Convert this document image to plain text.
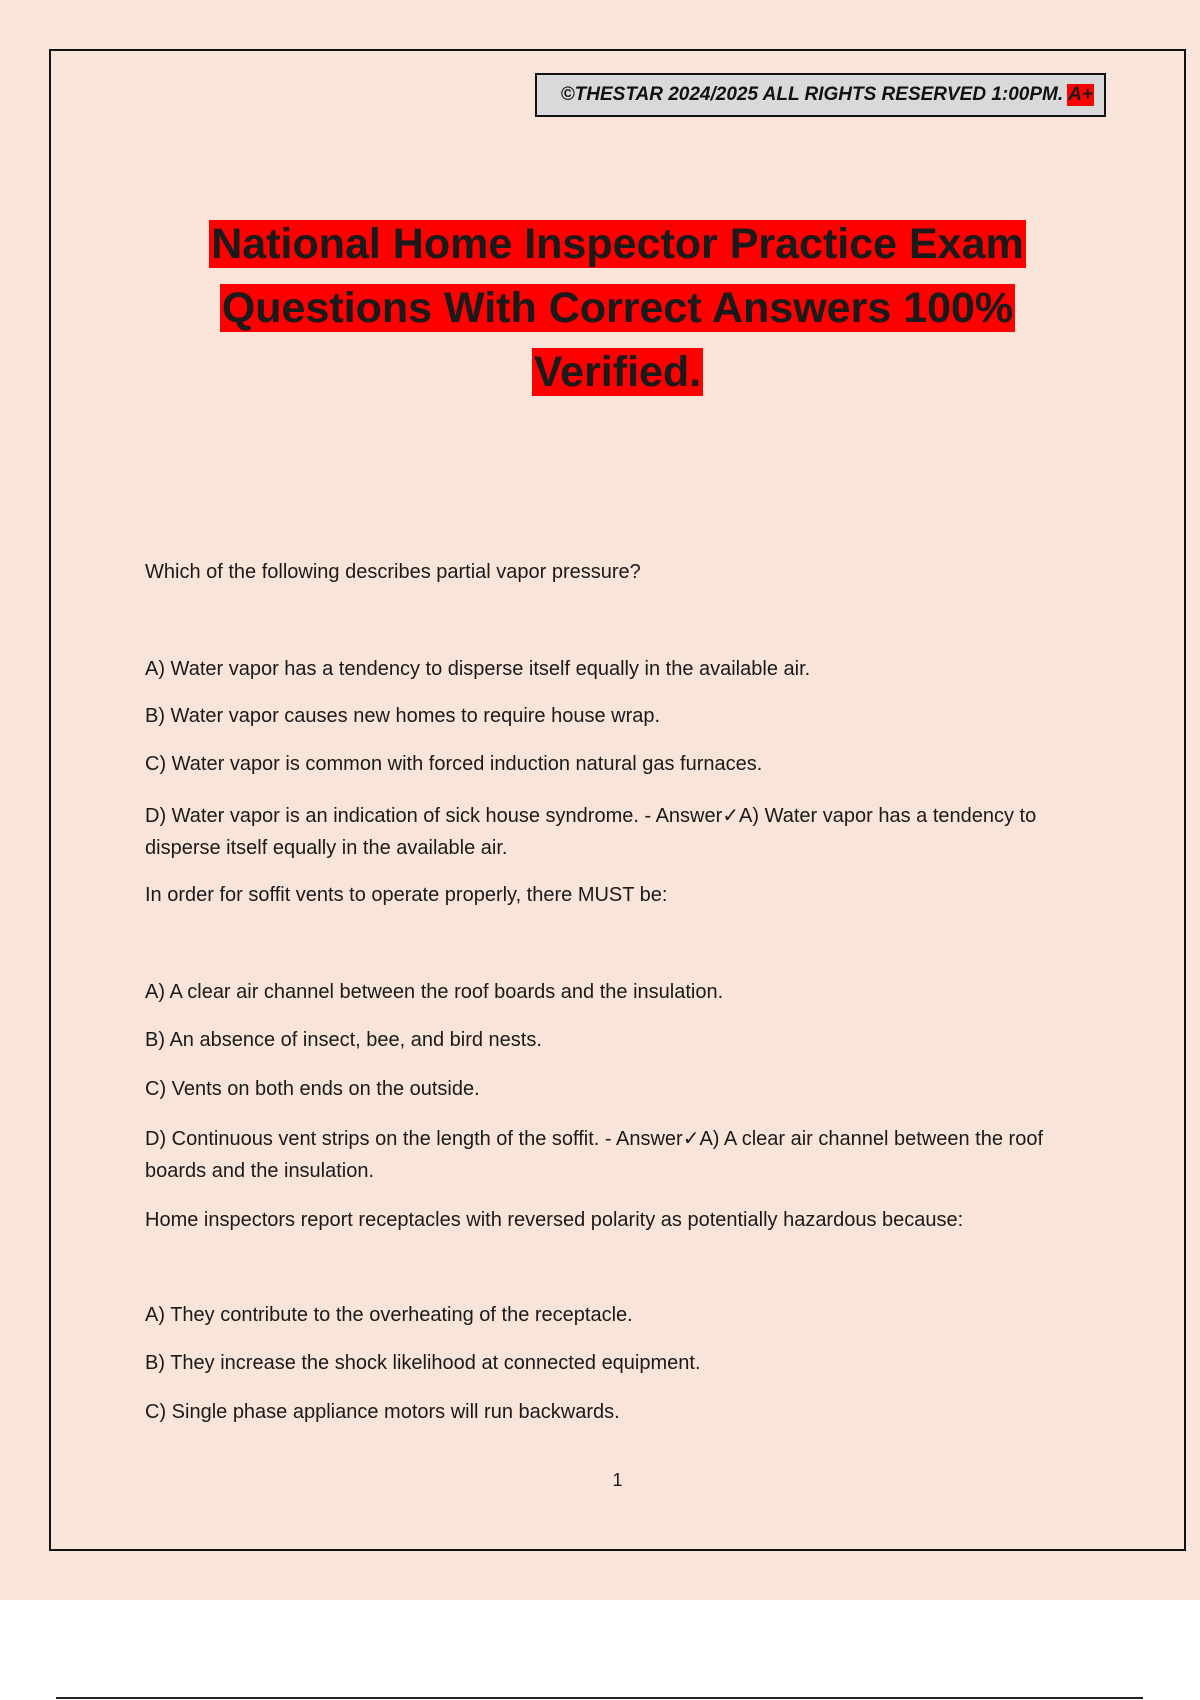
©THESTAR 2024/2025 ALL RIGHTS RESERVED 1:00PM. A+
National Home Inspector Practice Exam
Questions With Correct Answers 100%
Verified.
Which of the following describes partial vapor pressure?
A) Water vapor has a tendency to disperse itself equally in the available air.
B) Water vapor causes new homes to require house wrap.
C) Water vapor is common with forced induction natural gas furnaces.
D) Water vapor is an indication of sick house syndrome. - Answer✓A) Water vapor has a tendency to disperse itself equally in the available air.
In order for soffit vents to operate properly, there MUST be:
A) A clear air channel between the roof boards and the insulation.
B) An absence of insect, bee, and bird nests.
C) Vents on both ends on the outside.
D) Continuous vent strips on the length of the soffit. - Answer✓A) A clear air channel between the roof boards and the insulation.
Home inspectors report receptacles with reversed polarity as potentially hazardous because:
A) They contribute to the overheating of the receptacle.
B) They increase the shock likelihood at connected equipment.
C) Single phase appliance motors will run backwards.
1
